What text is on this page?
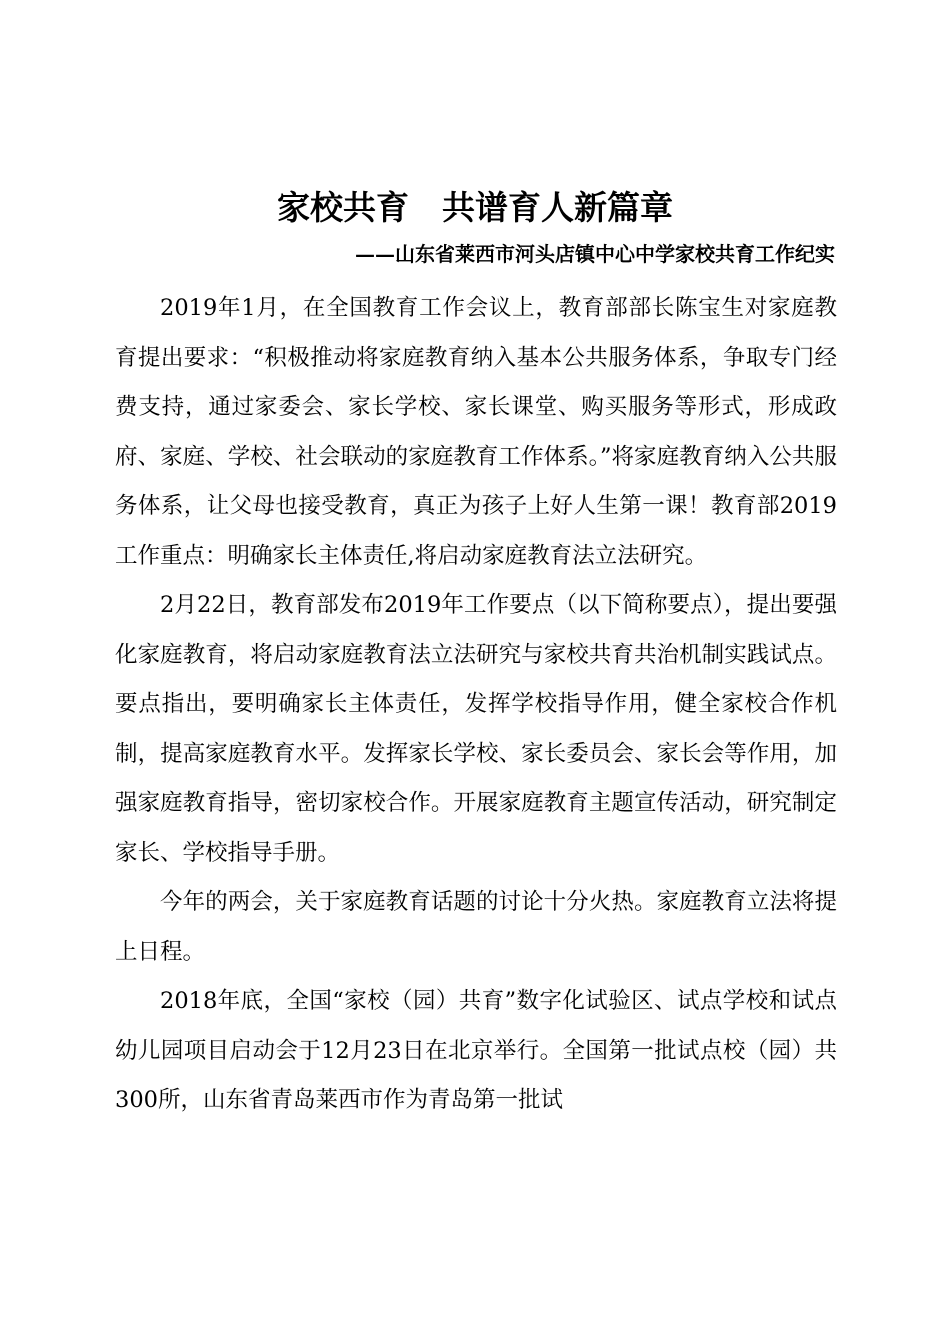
家校共育　共谱育人新篇章
——山东省莱西市河头店镇中心中学家校共育工作纪实

2019年1月，在全国教育工作会议上，教育部部长陈宝生对家庭教育提出要求：“积极推动将家庭教育纳入基本公共服务体系，争取专门经费支持，通过家委会、家长学校、家长课堂、购买服务等形式，形成政府、家庭、学校、社会联动的家庭教育工作体系。”将家庭教育纳入公共服务体系，让父母也接受教育，真正为孩子上好人生第一课！教育部2019工作重点：明确家长主体责任,将启动家庭教育法立法研究。

2月22日，教育部发布2019年工作要点（以下简称要点），提出要强化家庭教育，将启动家庭教育法立法研究与家校共育共治机制实践试点。要点指出，要明确家长主体责任，发挥学校指导作用，健全家校合作机制，提高家庭教育水平。发挥家长学校、家长委员会、家长会等作用，加强家庭教育指导，密切家校合作。开展家庭教育主题宣传活动，研究制定家长、学校指导手册。

今年的两会，关于家庭教育话题的讨论十分火热。家庭教育立法将提上日程。

2018年底，全国“家校（园）共育”数字化试验区、试点学校和试点幼儿园项目启动会于12月23日在北京举行。全国第一批试点校（园）共300所，山东省青岛莱西市作为青岛第一批试
